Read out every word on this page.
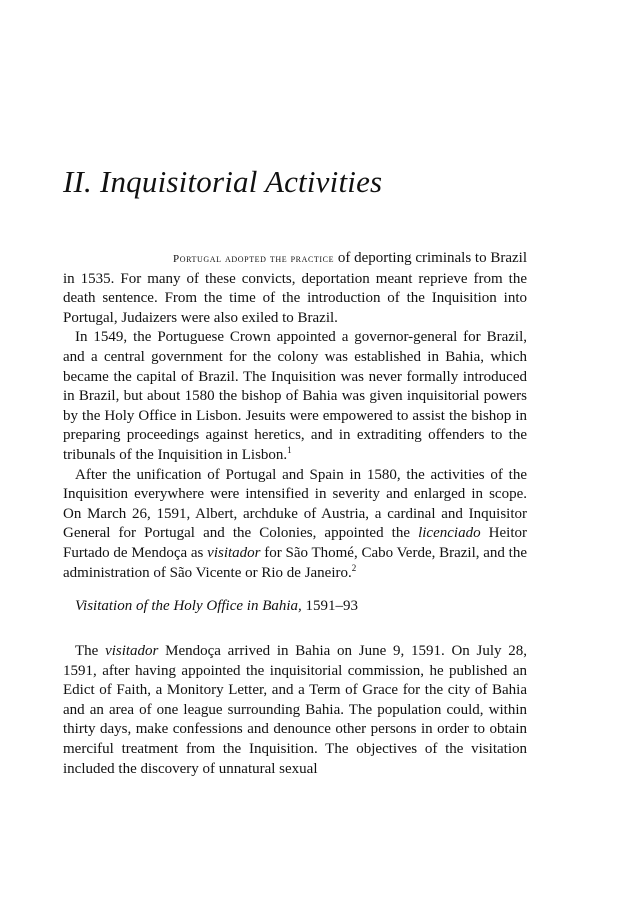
II. Inquisitorial Activities

Portugal adopted the practice of deporting criminals to Brazil in 1535. For many of these convicts, deportation meant reprieve from the death sentence. From the time of the introduction of the Inquisition into Portugal, Judaizers were also exiled to Brazil.

In 1549, the Portuguese Crown appointed a governor-general for Brazil, and a central government for the colony was established in Bahia, which became the capital of Brazil. The Inquisition was never formally introduced in Brazil, but about 1580 the bishop of Bahia was given inquisitorial powers by the Holy Office in Lisbon. Jesuits were empowered to assist the bishop in preparing proceedings against heretics, and in extraditing offenders to the tribunals of the Inquisition in Lisbon.$^1$

After the unification of Portugal and Spain in 1580, the activities of the Inquisition everywhere were intensified in severity and enlarged in scope. On March 26, 1591, Albert, archduke of Austria, a cardinal and Inquisitor General for Portugal and the Colonies, appointed the licenciado Heitor Furtado de Mendoça as visitador for São Thomé, Cabo Verde, Brazil, and the administration of São Vicente or Rio de Janeiro.$^2$

Visitation of the Holy Office in Bahia, 1591–93

The visitador Mendoça arrived in Bahia on June 9, 1591. On July 28, 1591, after having appointed the inquisitorial commission, he published an Edict of Faith, a Monitory Letter, and a Term of Grace for the city of Bahia and an area of one league surrounding Bahia. The population could, within thirty days, make confessions and denounce other persons in order to obtain merciful treatment from the Inquisition. The objectives of the visitation included the discovery of unnatural sexual
